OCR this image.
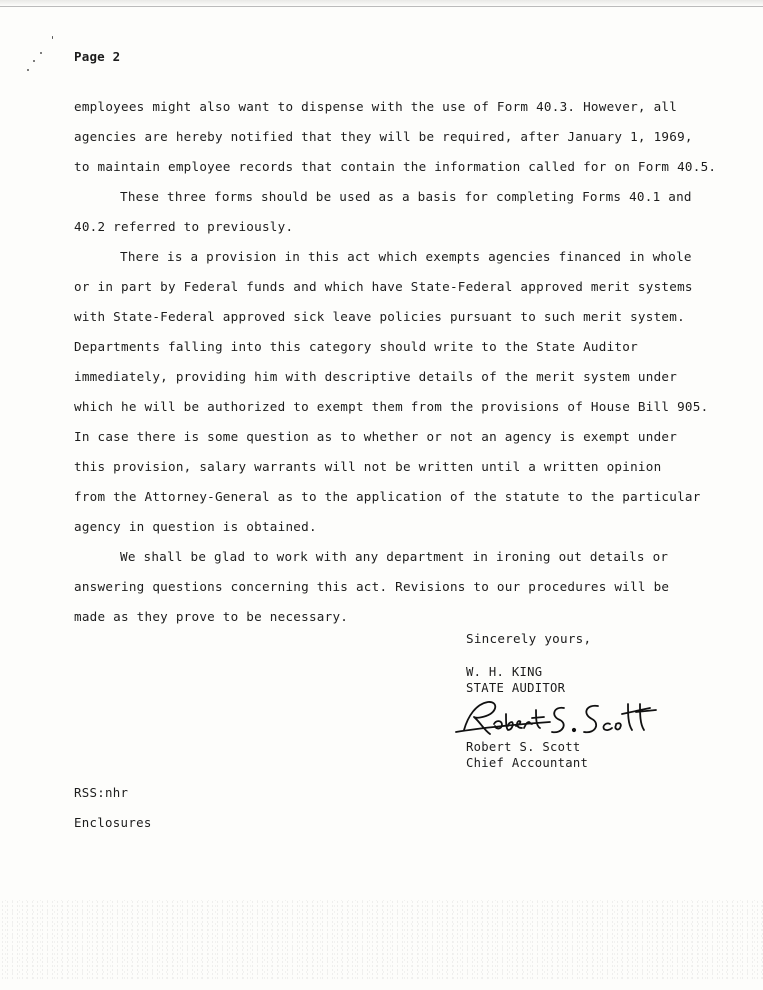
Page 2
employees might also want to dispense with the use of Form 40.3. However, all
agencies are hereby notified that they will be required, after January 1, 1969,
to maintain employee records that contain the information called for on Form 40.5.
These three forms should be used as a basis for completing Forms 40.1 and
40.2 referred to previously.
There is a provision in this act which exempts agencies financed in whole
or in part by Federal funds and which have State-Federal approved merit systems
with State-Federal approved sick leave policies pursuant to such merit system.
Departments falling into this category should write to the State Auditor
immediately, providing him with descriptive details of the merit system under
which he will be authorized to exempt them from the provisions of House Bill 905.
In case there is some question as to whether or not an agency is exempt under
this provision, salary warrants will not be written until a written opinion
from the Attorney-General as to the application of the statute to the particular
agency in question is obtained.
We shall be glad to work with any department in ironing out details or
answering questions concerning this act. Revisions to our procedures will be
made as they prove to be necessary.
Sincerely yours,
W. H. KING
STATE AUDITOR
Robert S. Scott
Chief Accountant
RSS:nhr
Enclosures
